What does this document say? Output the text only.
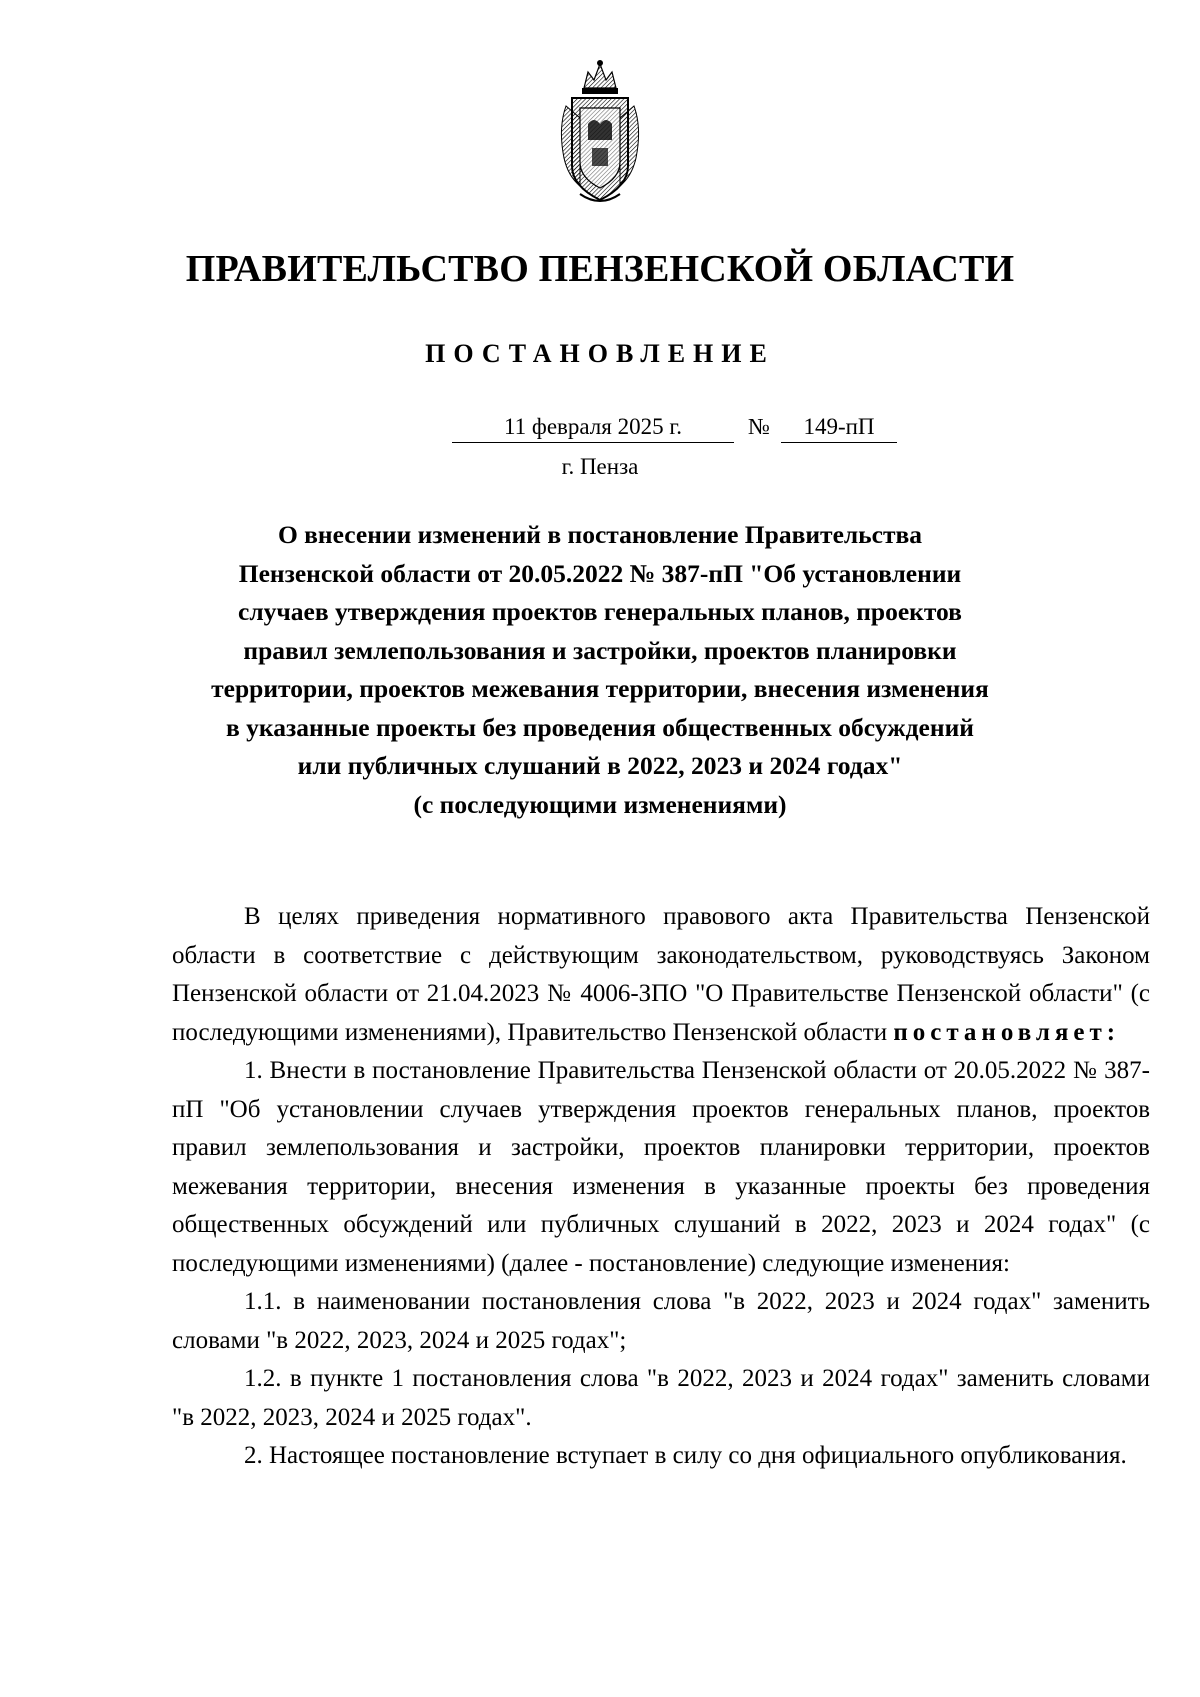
ПРАВИТЕЛЬСТВО ПЕНЗЕНСКОЙ ОБЛАСТИ
ПОСТАНОВЛЕНИЕ
11 февраля 2025 г.	№	149-пП
г. Пенза
О внесении изменений в постановление Правительства
Пензенской области от 20.05.2022 № 387-пП "Об установлении
случаев утверждения проектов генеральных планов, проектов
правил землепользования и застройки, проектов планировки
территории, проектов межевания территории, внесения изменения
в указанные проекты без проведения общественных обсуждений
или публичных слушаний в 2022, 2023 и 2024 годах"
(с последующими изменениями)

В целях приведения нормативного правового акта Правительства Пензенской области в соответствие с действующим законодательством, руководствуясь Законом Пензенской области от 21.04.2023 № 4006-ЗПО "О Правительстве Пензенской области" (с последующими изменениями), Правительство Пензенской области постановляет:

1. Внести в постановление Правительства Пензенской области от 20.05.2022 № 387-пП "Об установлении случаев утверждения проектов генеральных планов, проектов правил землепользования и застройки, проектов планировки территории, проектов межевания территории, внесения изменения в указанные проекты без проведения общественных обсуждений или публичных слушаний в 2022, 2023 и 2024 годах" (с последующими изменениями) (далее - постановление) следующие изменения:

1.1. в наименовании постановления слова "в 2022, 2023 и 2024 годах" заменить словами "в 2022, 2023, 2024 и 2025 годах";

1.2. в пункте 1 постановления слова "в 2022, 2023 и 2024 годах" заменить словами "в 2022, 2023, 2024 и 2025 годах".

2. Настоящее постановление вступает в силу со дня официального опубликования.
